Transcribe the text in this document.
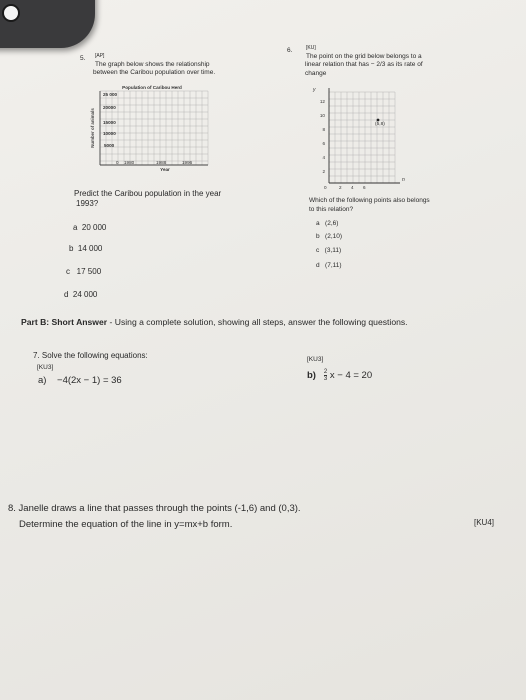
5. [AP]
The graph below shows the relationship
between the Caribou population over time.
Population of Caribou Herd
Number of animals
25 000
20000
15000
10000
5000
0 1980	1988	1996
Year
y
n
12
10
8
6
4
2
0	2 4 6
(5,8)
Predict the Caribou population in the year
1993?
a 20 000
b 14 000
c 17 500
d 24 000
6.	[KU]
The point on the grid below belongs to a
linear relation that has − 2/3 as its rate of
change
Which of the following points also belongs
to this relation?
a (2,6)
b (2,10)
c (3,11)
d (7,11)
Part B: Short Answer - Using a complete solution, showing all steps, answer the following questions.
7. Solve the following equations:
[KU3]
a) −4(2x − 1) = 36
[KU3]
$b) \frac{2}{3}$ x − 4 = 20
8. Janelle draws a line that passes through the points (-1,6) and (0,3).
Determine the equation of the line in y=mx+b form.	[KU4]
